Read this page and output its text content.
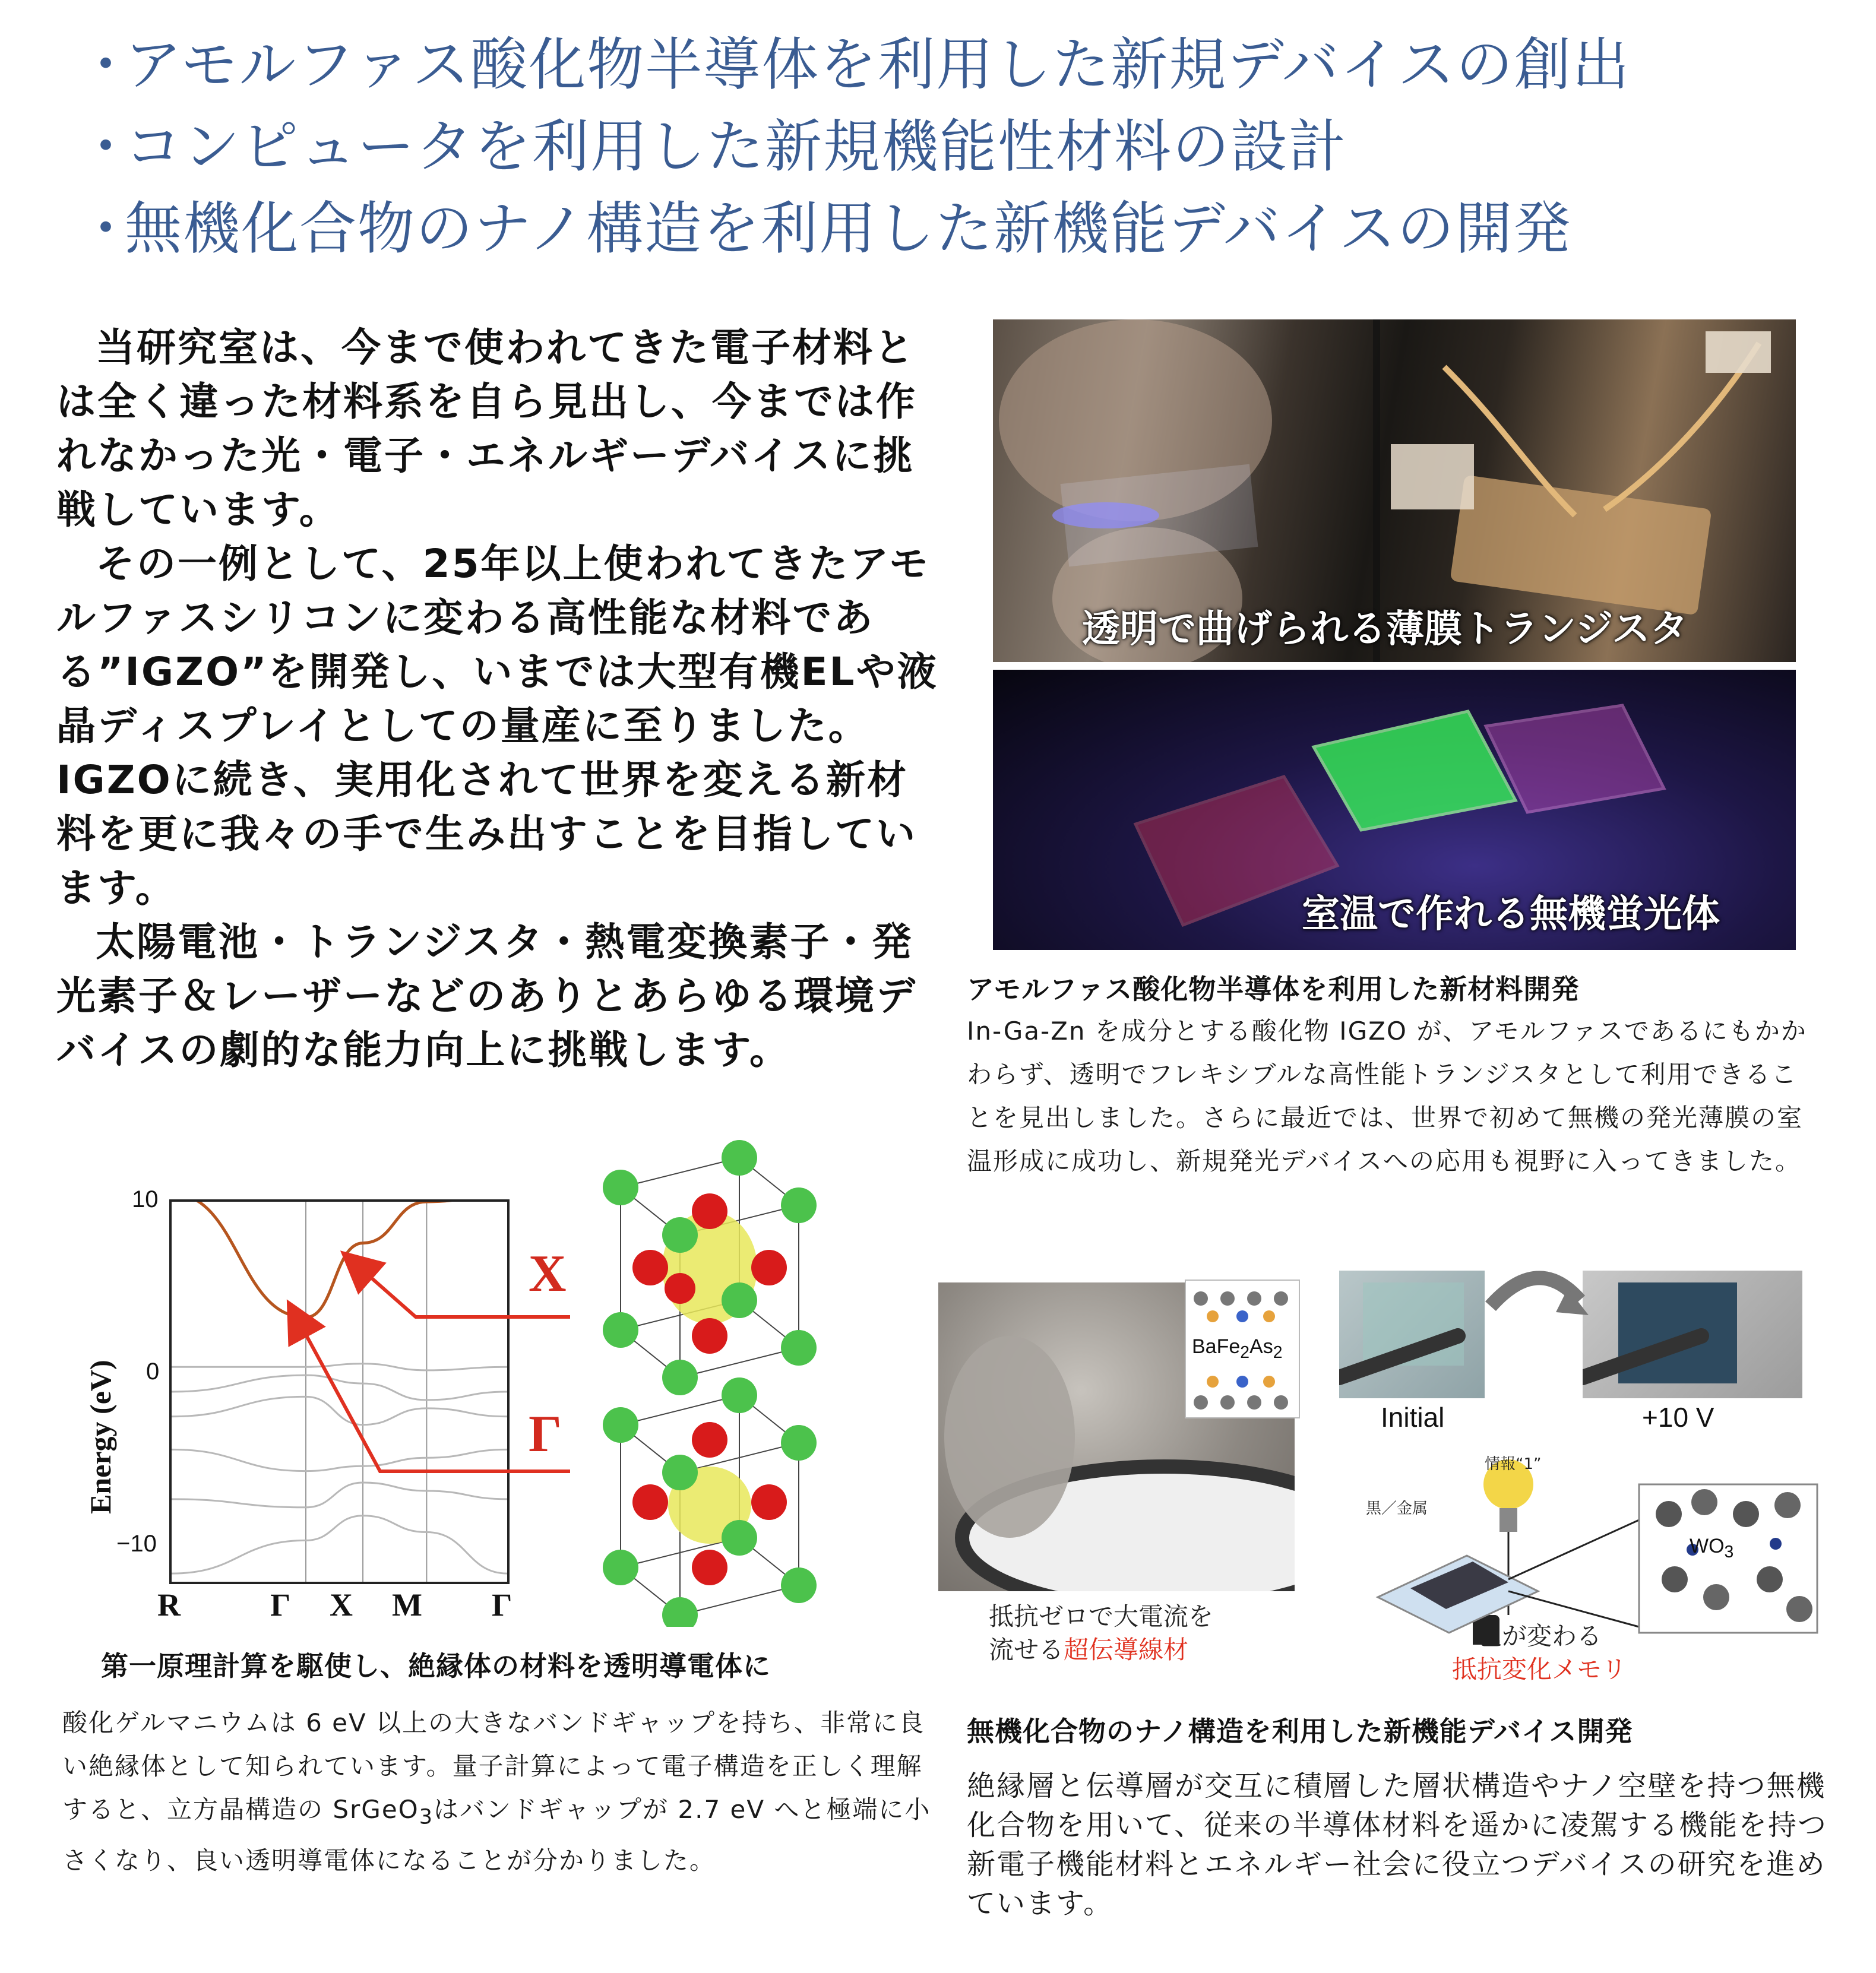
・アモルファス酸化物半導体を利用した新規デバイスの創出
・コンピュータを利用した新規機能性材料の設計
・無機化合物のナノ構造を利用した新機能デバイスの開発

当研究室は、今まで使われてきた電子材料とは全く違った材料系を自ら見出し、今までは作れなかった光・電子・エネルギーデバイスに挑戦しています。

その一例として、25年以上使われてきたアモルファスシリコンに変わる高性能な材料である”IGZO”を開発し、いまでは大型有機ELや液晶ディスプレイとしての量産に至りました。 IGZOに続き、実用化されて世界を変える新材料を更に我々の手で生み出すことを目指しています。

太陽電池・トランジスタ・熱電変換素子・発光素子＆レーザーなどのありとあらゆる環境デバイスの劇的な能力向上に挑戦します。

透明で曲げられる薄膜トランジスタ
室温で作れる無機蛍光体
アモルファス酸化物半導体を利用した新材料開発

In-Ga-Zn を成分とする酸化物 IGZO が、アモルファスであるにもかかわらず、透明でフレキシブルな高性能トランジスタとして利用できることを見出しました。さらに最近では、世界で初めて無機の発光薄膜の室温形成に成功し、新規発光デバイスへの応用も視野に入ってきました。

Energy (eV)
10
0
−10
R	Γ X M Γ
X
Γ
第一原理計算を駆使し、絶縁体の材料を透明導電体に

酸化ゲルマニウムは 6 eV 以上の大きなバンドギャップを持ち、非常に良い絶縁体として知られています。量子計算によって電子構造を正しく理解すると、立方晶構造の SrGeO$_3$はバンドギャップが 2.7 eV へと極端に小さくなり、良い透明導電体になることが分かりました。

$BaFe_2As_2$
抵抗ゼロで大電流を
流せる超伝導線材
Initial	+10 V
情報“1”
黒／金属
$WO_3$
色が変わる
抵抗変化メモリ
無機化合物のナノ構造を利用した新機能デバイス開発

絶縁層と伝導層が交互に積層した層状構造やナノ空壁を持つ無機化合物を用いて、従来の半導体材料を遥かに凌駕する機能を持つ新電子機能材料とエネルギー社会に役立つデバイスの研究を進めています。
